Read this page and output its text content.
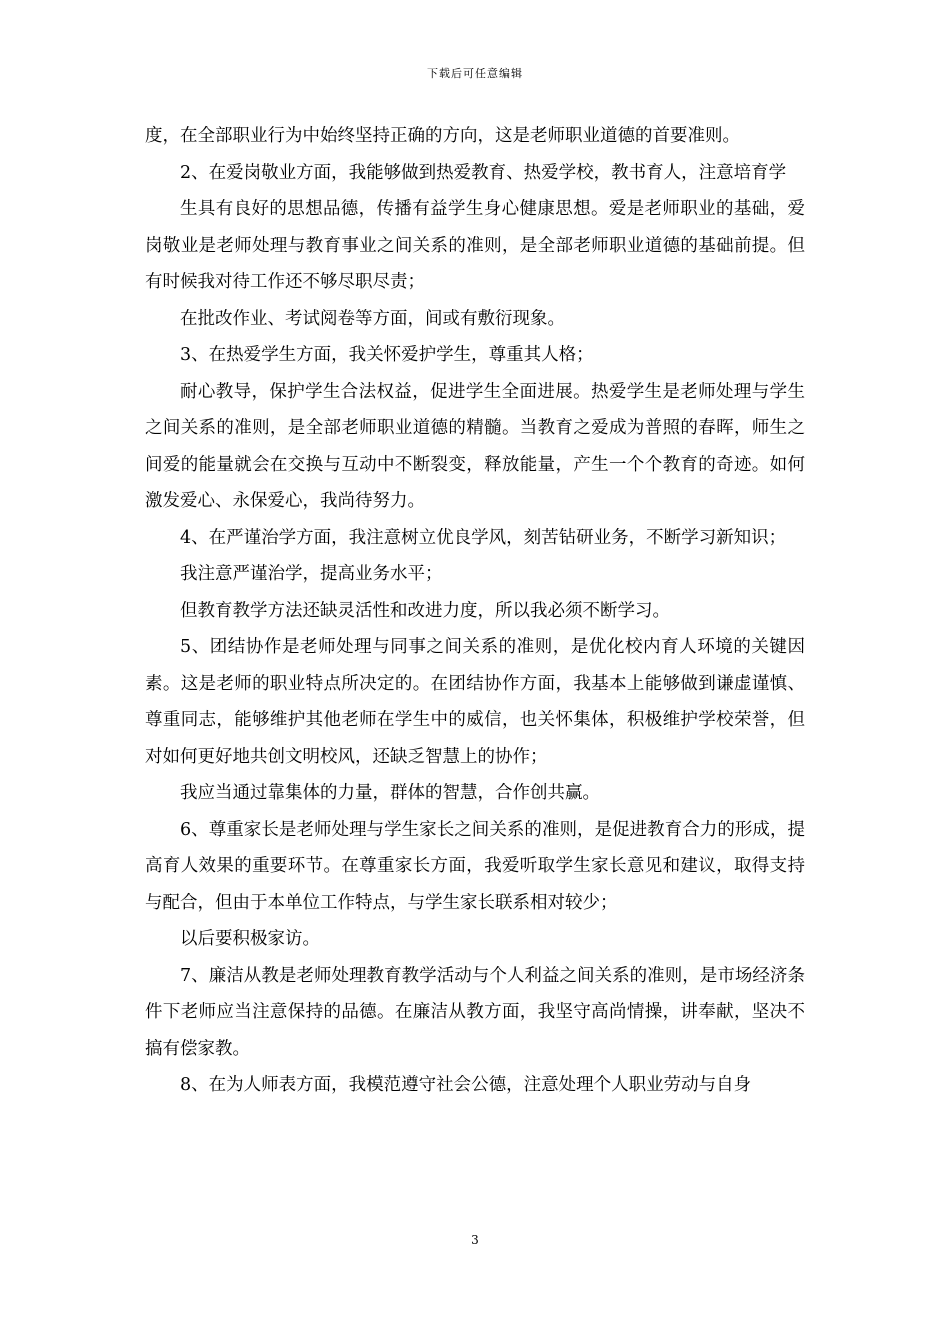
下载后可任意编辑

度，在全部职业行为中始终坚持正确的方向，这是老师职业道德的首要准则。

2、在爱岗敬业方面，我能够做到热爱教育、热爱学校，教书育人，注意培育学

生具有良好的思想品德，传播有益学生身心健康思想。爱是老师职业的基础，爱岗敬业是老师处理与教育事业之间关系的准则，是全部老师职业道德的基础前提。但有时候我对待工作还不够尽职尽责；

在批改作业、考试阅卷等方面，间或有敷衍现象。

3、在热爱学生方面，我关怀爱护学生，尊重其人格；

耐心教导，保护学生合法权益，促进学生全面进展。热爱学生是老师处理与学生之间关系的准则，是全部老师职业道德的精髓。当教育之爱成为普照的春晖，师生之间爱的能量就会在交换与互动中不断裂变，释放能量，产生一个个教育的奇迹。如何激发爱心、永保爱心，我尚待努力。

4、在严谨治学方面，我注意树立优良学风，刻苦钻研业务，不断学习新知识；

我注意严谨治学，提高业务水平；

但教育教学方法还缺灵活性和改进力度，所以我必须不断学习。

5、团结协作是老师处理与同事之间关系的准则，是优化校内育人环境的关键因素。这是老师的职业特点所决定的。在团结协作方面，我基本上能够做到谦虚谨慎、尊重同志，能够维护其他老师在学生中的威信，也关怀集体，积极维护学校荣誉，但对如何更好地共创文明校风，还缺乏智慧上的协作；

我应当通过靠集体的力量，群体的智慧，合作创共赢。

6、尊重家长是老师处理与学生家长之间关系的准则，是促进教育合力的形成，提高育人效果的重要环节。在尊重家长方面，我爱听取学生家长意见和建议，取得支持与配合，但由于本单位工作特点，与学生家长联系相对较少；

以后要积极家访。

7、廉洁从教是老师处理教育教学活动与个人利益之间关系的准则，是市场经济条件下老师应当注意保持的品德。在廉洁从教方面，我坚守高尚情操，讲奉献，坚决不搞有偿家教。

8、在为人师表方面，我模范遵守社会公德，注意处理个人职业劳动与自身

3
